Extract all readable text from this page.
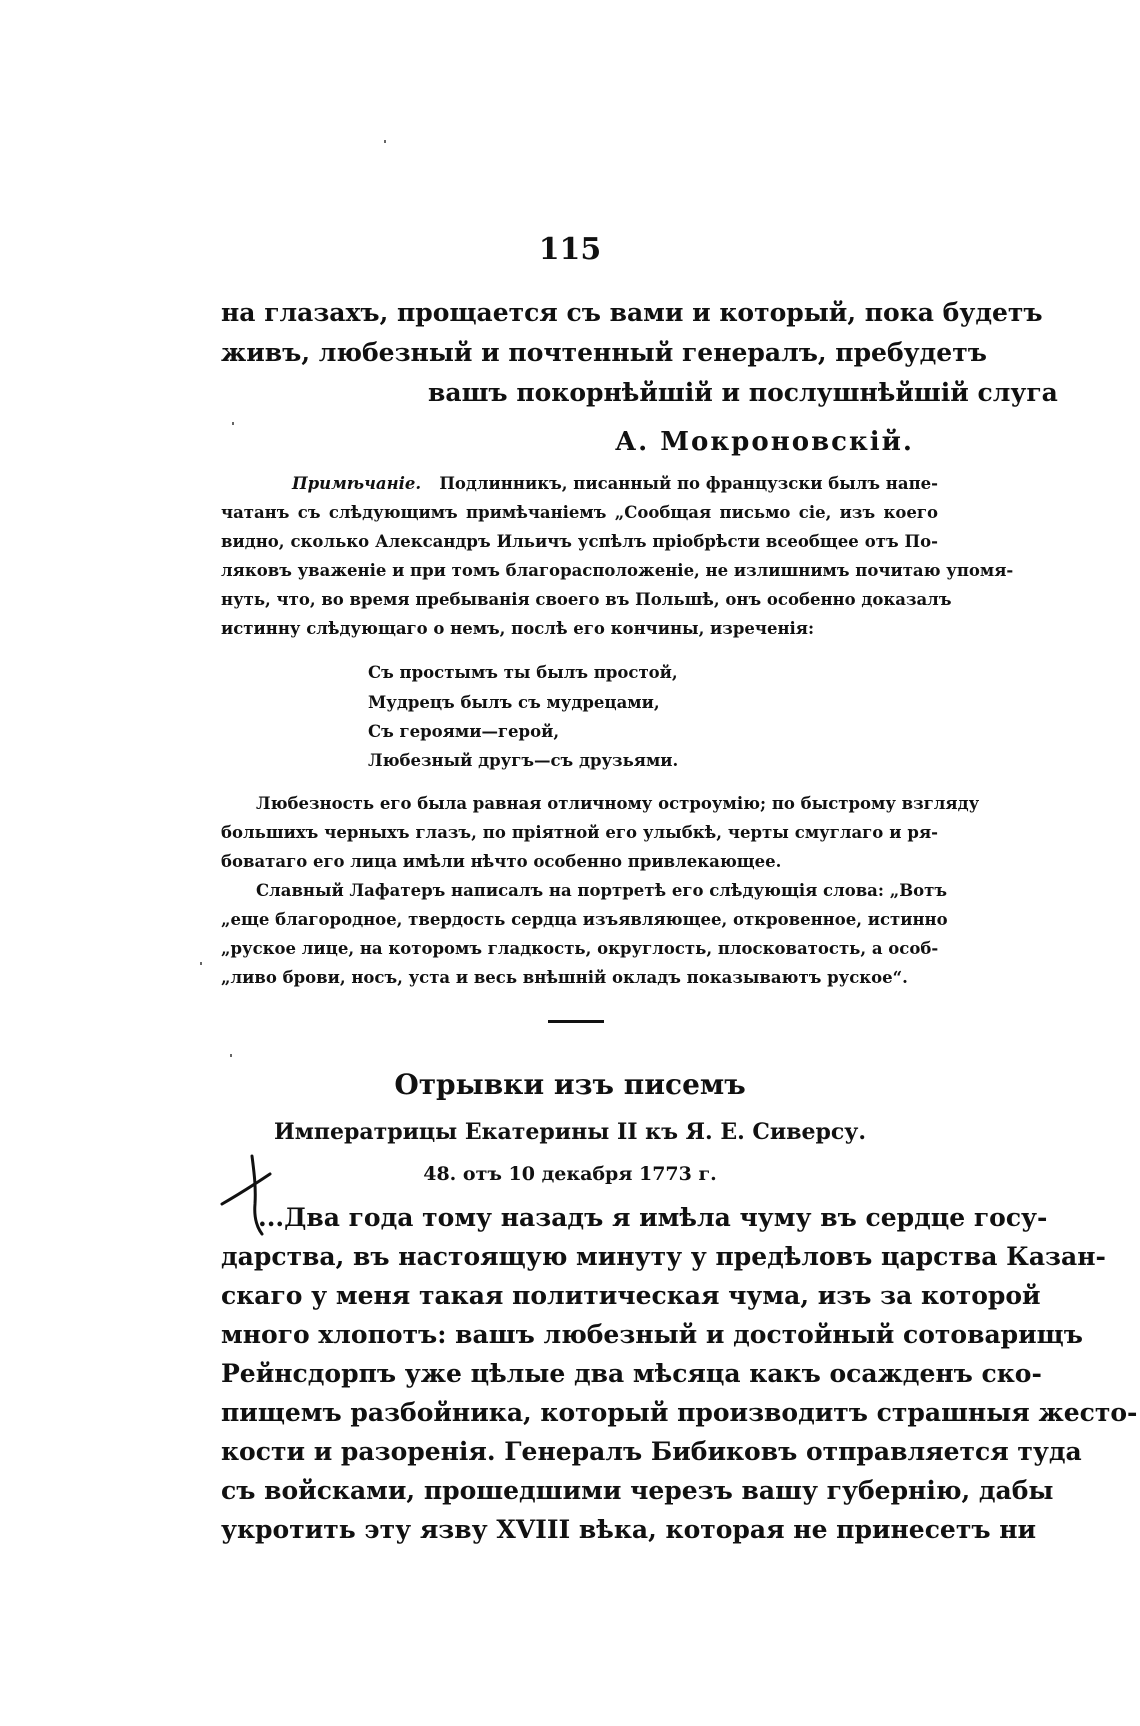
115
на глазахъ, прощается съ вами и который, пока будетъ
живъ, любезный и почтенный генералъ, пребудетъ
вашъ покорнѣйшій и послушнѣйшій слуга
А. Мокроновскій.
Примѣчаніе. Подлинникъ, писанный по французски былъ напе-
чатанъ съ слѣдующимъ примѣчаніемъ „Сообщая письмо сіе, изъ коего
видно, сколько Александръ Ильичъ успѣлъ пріобрѣсти всеобщее отъ По-
ляковъ уваженіе и при томъ благорасположеніе, не излишнимъ почитаю упомя-
нуть, что, во время пребыванія своего въ Польшѣ, онъ особенно доказалъ
истинну слѣдующаго о немъ, послѣ его кончины, изреченія:
Съ простымъ ты былъ простой,
Мудрецъ былъ съ мудрецами,
Съ героями—герой,
Любезный другъ—съ друзьями.
Любезность его была равная отличному остроумію; по быстрому взгляду
большихъ черныхъ глазъ, по пріятной его улыбкѣ, черты смуглаго и ря-
боватаго его лица имѣли нѣчто особенно привлекающее.
Славный Лафатеръ написалъ на портретѣ его слѣдующія слова: „Вотъ
„еще благородное, твердость сердца изъявляющее, откровенное, истинно
„руское лице, на которомъ гладкость, округлость, плосковатость, а особ-
„ливо брови, носъ, уста и весь внѣшній окладъ показываютъ руское“.
Отрывки изъ писемъ
Императрицы Екатерины II къ Я. Е. Сиверсу.
48. отъ 10 декабря 1773 г.
...Два года тому назадъ я имѣла чуму въ сердце госу-
дарства, въ настоящую минуту у предѣловъ царства Казан-
скаго у меня такая политическая чума, изъ за которой
много хлопотъ: вашъ любезный и достойный сотоварищъ
Рейнсдорпъ уже цѣлые два мѣсяца какъ осажденъ ско-
пищемъ разбойника, который производитъ страшныя жесто-
кости и разоренія. Генералъ Бибиковъ отправляется туда
съ войсками, прошедшими черезъ вашу губернію, дабы
укротить эту язву XVIII вѣка, которая не принесетъ ни
